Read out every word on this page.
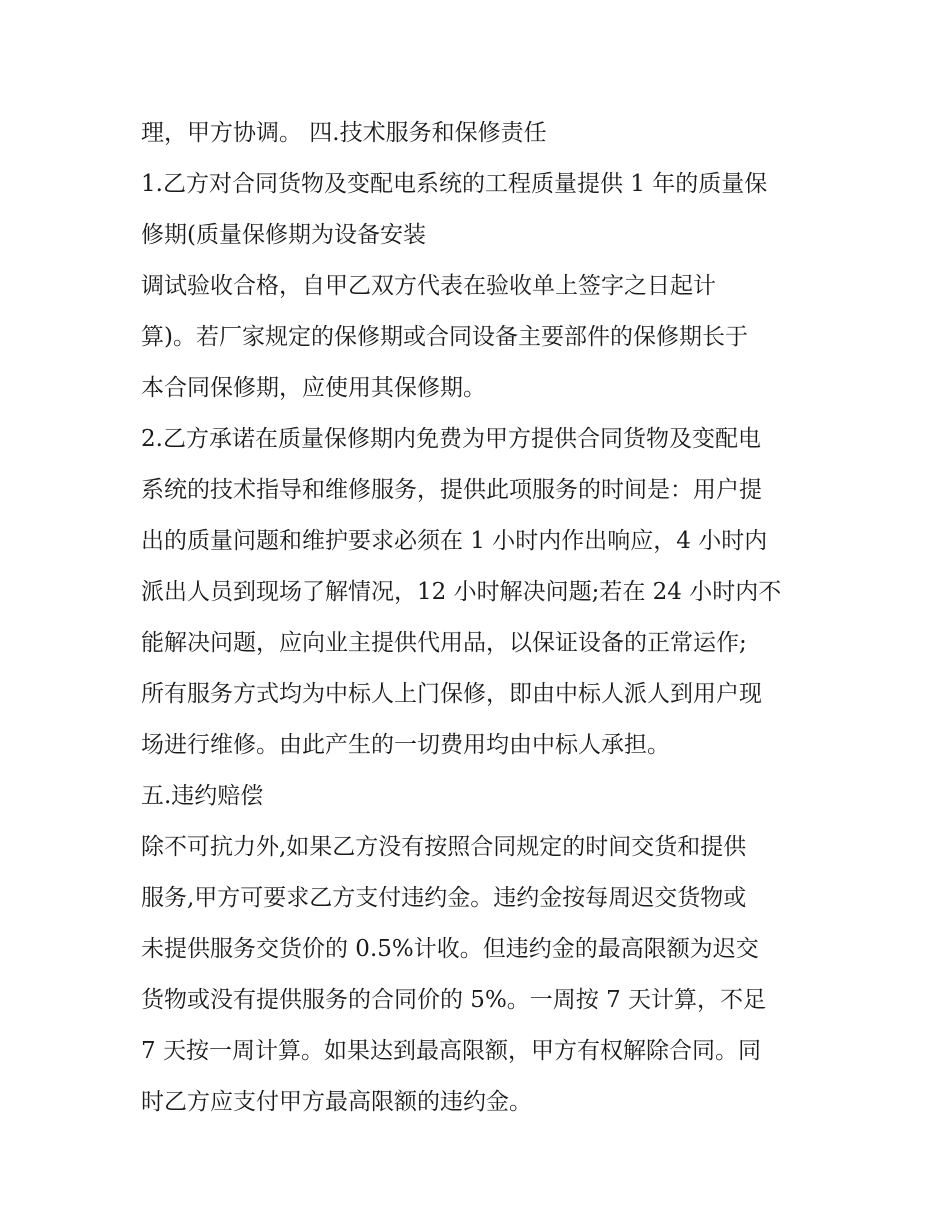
理，甲方协调。 四.技术服务和保修责任
1.乙方对合同货物及变配电系统的工程质量提供 1 年的质量保
修期(质量保修期为设备安装
调试验收合格，自甲乙双方代表在验收单上签字之日起计
算)。若厂家规定的保修期或合同设备主要部件的保修期长于
本合同保修期，应使用其保修期。
2.乙方承诺在质量保修期内免费为甲方提供合同货物及变配电
系统的技术指导和维修服务，提供此项服务的时间是：用户提
出的质量问题和维护要求必须在 1 小时内作出响应，4 小时内
派出人员到现场了解情况，12 小时解决问题;若在 24 小时内不
能解决问题，应向业主提供代用品，以保证设备的正常运作;
所有服务方式均为中标人上门保修，即由中标人派人到用户现
场进行维修。由此产生的一切费用均由中标人承担。
五.违约赔偿
除不可抗力外,如果乙方没有按照合同规定的时间交货和提供
服务,甲方可要求乙方支付违约金。违约金按每周迟交货物或
未提供服务交货价的 0.5%计收。但违约金的最高限额为迟交
货物或没有提供服务的合同价的 5%。一周按 7 天计算，不足
7 天按一周计算。如果达到最高限额，甲方有权解除合同。同
时乙方应支付甲方最高限额的违约金。
